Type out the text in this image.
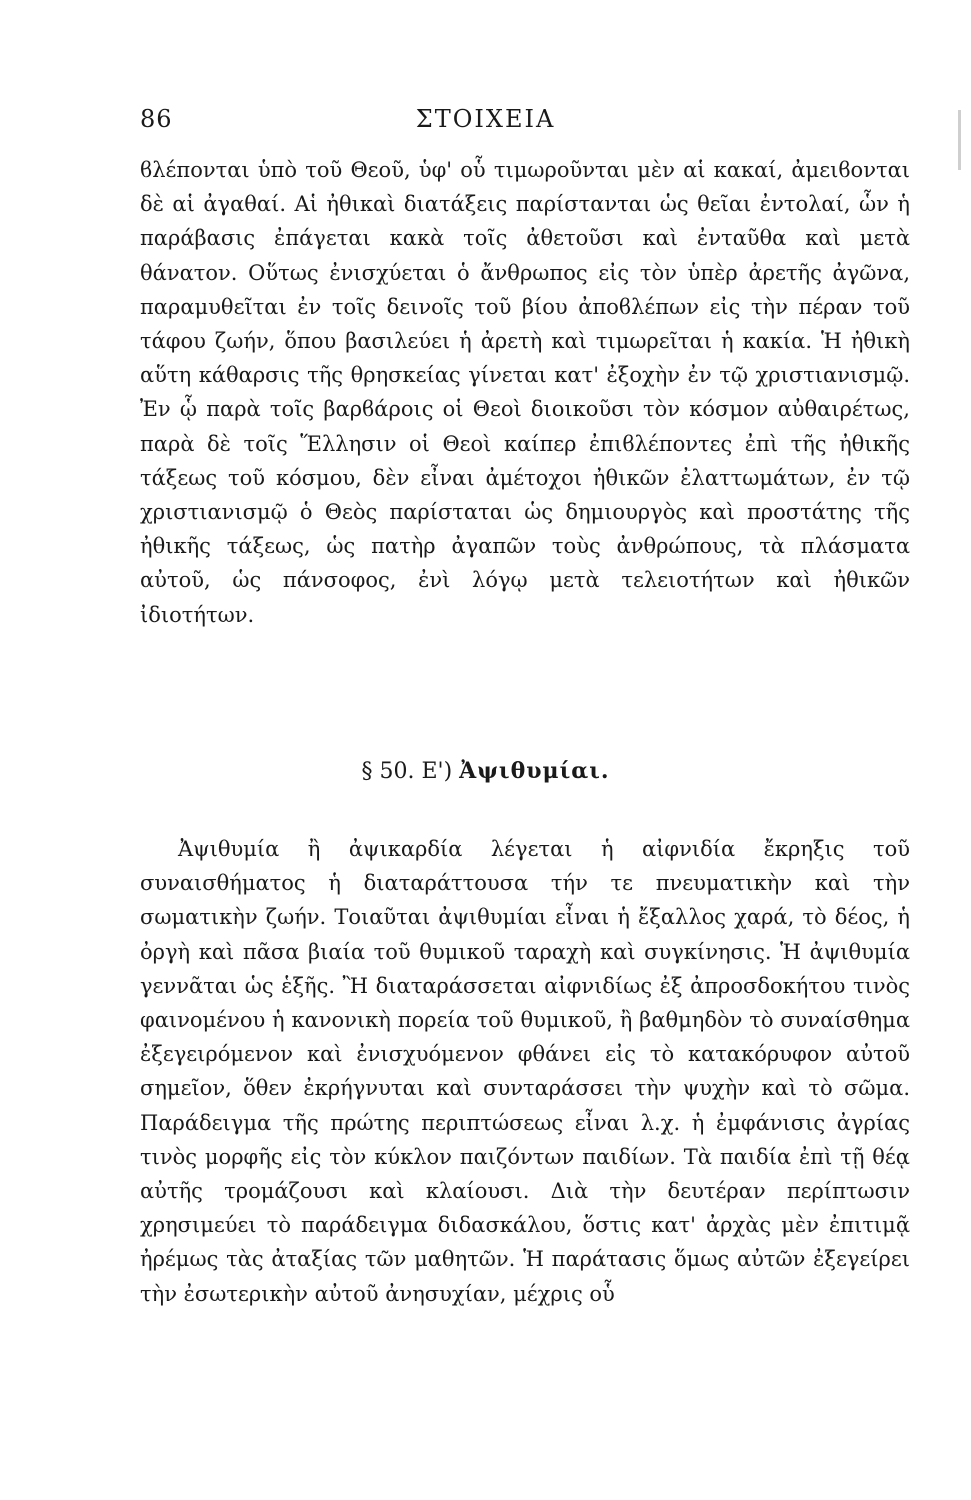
86	ΣΤΟΙΧΕΙΑ

ϐλέπονται ὑπὸ τοῦ Θεοῦ, ὑφ' οὗ τιμωροῦνται μὲν αἱ κακαί, ἀμειϐονται δὲ αἱ ἀγαθαί. Αἱ ἠθικαὶ διατάξεις παρίστανται ὡς θεῖαι ἐντολαί, ὧν ἡ παράβασις ἐπάγεται κακὰ τοῖς ἀθετοῦσι καὶ ἐνταῦθα καὶ μετὰ θάνατον. Οὕτως ἐνισχύεται ὁ ἄνθρωπος εἰς τὸν ὑπὲρ ἀρετῆς ἀγῶνα, παραμυθεῖται ἐν τοῖς δεινοῖς τοῦ βίου ἀποϐλέπων εἰς τὴν πέραν τοῦ τάφου ζωήν, ὅπου βασιλεύει ἡ ἀρετὴ καὶ τιμωρεῖται ἡ κακία. Ἡ ἠθικὴ αὕτη κάθαρσις τῆς θρησκείας γίνεται κατ' ἐξοχὴν ἐν τῷ χριστιανισμῷ. Ἐν ᾧ παρὰ τοῖς βαρϐάροις οἱ Θεοὶ διοικοῦσι τὸν κόσμον αὐθαιρέτως, παρὰ δὲ τοῖς Ἕλλησιν οἱ Θεοὶ καίπερ ἐπιϐλέποντες ἐπὶ τῆς ἠθικῆς τάξεως τοῦ κόσμου, δὲν εἶναι ἀμέτοχοι ἠθικῶν ἐλαττωμάτων, ἐν τῷ χριστιανισμῷ ὁ Θεὸς παρίσταται ὡς δημιουργὸς καὶ προστάτης τῆς ἠθικῆς τάξεως, ὡς πατὴρ ἀγαπῶν τοὺς ἀνθρώπους, τὰ πλάσματα αὐτοῦ, ὡς πάνσοφος, ἐνὶ λόγῳ μετὰ τελειοτήτων καὶ ἠθικῶν ἰδιοτήτων.

§ 50. Ε') Ἀψιθυμίαι.

Ἀψιθυμία ἢ ἀψικαρδία λέγεται ἡ αἰφνιδία ἔκρηξις τοῦ συναισθήματος ἡ διαταράττουσα τήν τε πνευματικὴν καὶ τὴν σωματικὴν ζωήν. Τοιαῦται ἀψιθυμίαι εἶναι ἡ ἔξαλλος χαρά, τὸ δέος, ἡ ὀργὴ καὶ πᾶσα βιαία τοῦ θυμικοῦ ταραχὴ καὶ συγκίνησις. Ἡ ἀψιθυμία γεννᾶται ὡς ἑξῆς. Ἢ διαταράσσεται αἰφνιδίως ἐξ ἀπροσδοκήτου τινὸς φαινομένου ἡ κανονικὴ πορεία τοῦ θυμικοῦ, ἢ βαθμηδὸν τὸ συναίσθημα ἐξεγειρόμενον καὶ ἐνισχυόμενον φθάνει εἰς τὸ κατακόρυφον αὐτοῦ σημεῖον, ὅθεν ἐκρήγνυται καὶ συνταράσσει τὴν ψυχὴν καὶ τὸ σῶμα. Παράδειγμα τῆς πρώτης περιπτώσεως εἶναι λ.χ. ἡ ἐμφάνισις ἀγρίας τινὸς μορφῆς εἰς τὸν κύκλον παιζόντων παιδίων. Τὰ παιδία ἐπὶ τῇ θέᾳ αὐτῆς τρομάζουσι καὶ κλαίουσι. Διὰ τὴν δευτέραν περίπτωσιν χρησιμεύει τὸ παράδειγμα διδασκάλου, ὅστις κατ' ἀρχὰς μὲν ἐπιτιμᾷ ἠρέμως τὰς ἀταξίας τῶν μαθητῶν. Ἡ παράτασις ὅμως αὐτῶν ἐξεγείρει τὴν ἐσωτερικὴν αὐτοῦ ἀνησυχίαν, μέχρις οὗ
